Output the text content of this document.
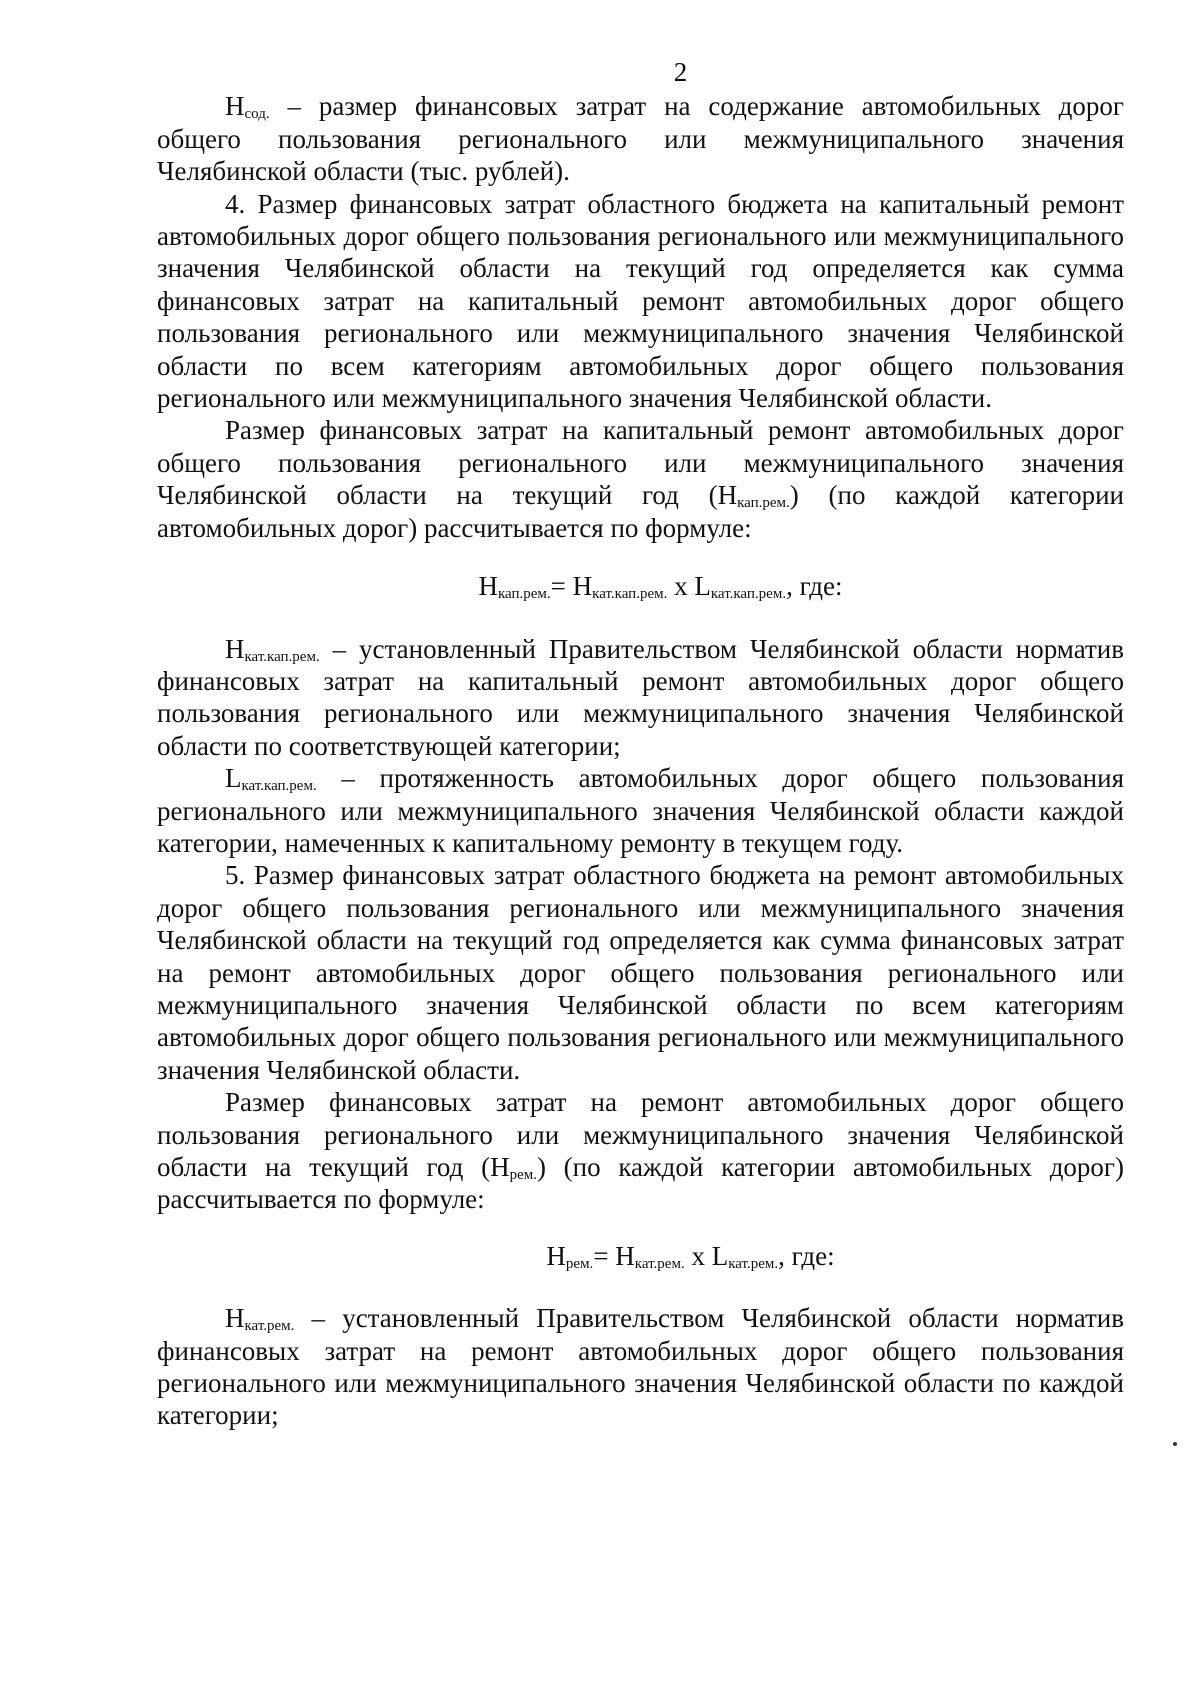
2

$Н_{сод.}$ – размер финансовых затрат на содержание автомобильных дорог общего пользования регионального или межмуниципального значения Челябинской области (тыс. рублей).

4. Размер финансовых затрат областного бюджета на капитальный ремонт автомобильных дорог общего пользования регионального или межмуниципального значения Челябинской области на текущий год определяется как сумма финансовых затрат на капитальный ремонт автомобильных дорог общего пользования регионального или межмуниципального значения Челябинской области по всем категориям автомобильных дорог общего пользования регионального или межмуниципального значения Челябинской области.

Размер финансовых затрат на капитальный ремонт автомобильных дорог общего пользования регионального или межмуниципального значения Челябинской области на текущий год $(Н_{кап.рем.})$ (по каждой категории автомобильных дорог) рассчитывается по формуле:

$Н_{кап.рем.}= Н_{кат.кап.рем.}$ х $L_{кат.кап.рем.}$, где:

$Н_{кат.кап.рем.}$ – установленный Правительством Челябинской области норматив финансовых затрат на капитальный ремонт автомобильных дорог общего пользования регионального или межмуниципального значения Челябинской области по соответствующей категории;

$L_{кат.кап.рем.}$ – протяженность автомобильных дорог общего пользования регионального или межмуниципального значения Челябинской области каждой категории, намеченных к капитальному ремонту в текущем году.

5. Размер финансовых затрат областного бюджета на ремонт автомобильных дорог общего пользования регионального или межмуниципального значения Челябинской области на текущий год определяется как сумма финансовых затрат на ремонт автомобильных дорог общего пользования регионального или межмуниципального значения Челябинской области по всем категориям автомобильных дорог общего пользования регионального или межмуниципального значения Челябинской области.

Размер финансовых затрат на ремонт автомобильных дорог общего пользования регионального или межмуниципального значения Челябинской области на текущий год $(Н_{рем.})$ (по каждой категории автомобильных дорог) рассчитывается по формуле:

$Н_{рем.}= Н_{кат.рем.}$ х $L_{кат.рем.}$, где:

$Н_{кат.рем.}$ – установленный Правительством Челябинской области норматив финансовых затрат на ремонт автомобильных дорог общего пользования регионального или межмуниципального значения Челябинской области по каждой категории;
